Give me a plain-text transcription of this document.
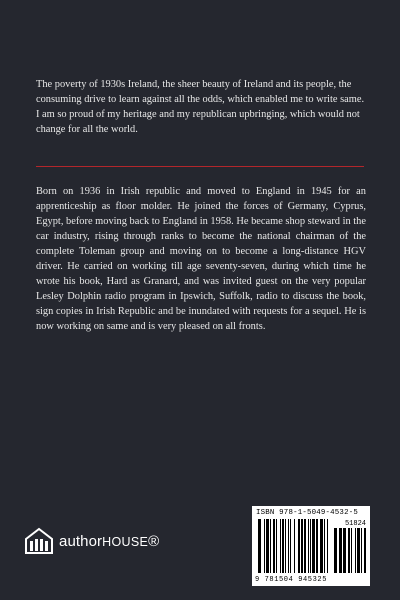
The poverty of 1930s Ireland, the sheer beauty of Ireland and its people, the consuming drive to learn against all the odds, which enabled me to write same. I am so proud of my heritage and my republican upbringing, which would not change for all the world.

Born on 1936 in Irish republic and moved to England in 1945 for an apprenticeship as floor molder. He joined the forces of Germany, Cyprus, Egypt, before moving back to England in 1958. He became shop steward in the car industry, rising through ranks to become the national chairman of the complete Toleman group and moving on to become a long-distance HGV driver. He carried on working till age seventy-seven, during which time he wrote his book, Hard as Granard, and was invited guest on the very popular Lesley Dolphin radio program in Ipswich, Suffolk, radio to discuss the book, sign copies in Irish Republic and be inundated with requests for a sequel. He is now working on same and is very pleased on all fronts.

authorHOUSE®
ISBN 978-1-5049-4532-5
51824
9 781504 945325
